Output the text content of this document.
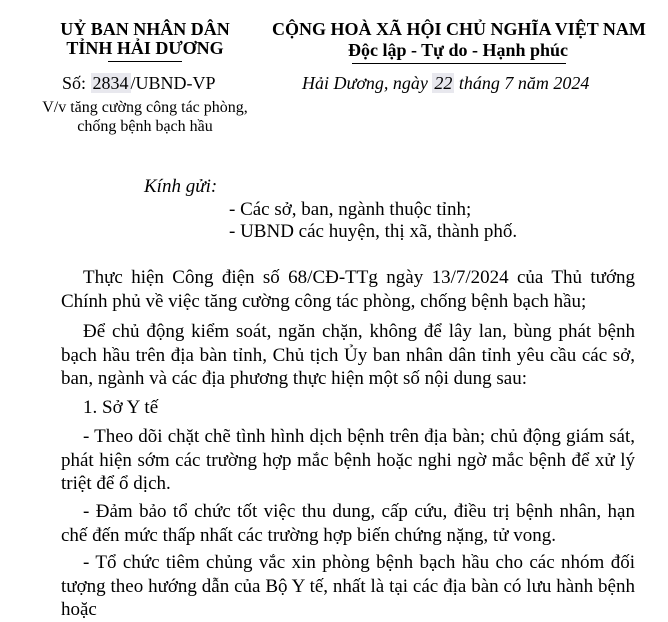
UỶ BAN NHÂN DÂN
TỈNH HẢI DƯƠNG
Số: 2834 /UBND-VP
V/v tăng cường công tác phòng,
chống bệnh bạch hầu
CỘNG HOÀ XÃ HỘI CHỦ NGHĨA VIỆT NAM
Độc lập - Tự do - Hạnh phúc
Hải Dương, ngày 22 tháng 7 năm 2024
Kính gửi:
- Các sở, ban, ngành thuộc tỉnh;
- UBND các huyện, thị xã, thành phố.
Thực hiện Công điện số 68/CĐ-TTg ngày 13/7/2024 của Thủ tướng Chính phủ về việc tăng cường công tác phòng, chống bệnh bạch hầu;
Để chủ động kiểm soát, ngăn chặn, không để lây lan, bùng phát bệnh bạch hầu trên địa bàn tỉnh, Chủ tịch Ủy ban nhân dân tỉnh yêu cầu các sở, ban, ngành và các địa phương thực hiện một số nội dung sau:
1. Sở Y tế
- Theo dõi chặt chẽ tình hình dịch bệnh trên địa bàn; chủ động giám sát, phát hiện sớm các trường hợp mắc bệnh hoặc nghi ngờ mắc bệnh để xử lý triệt để ổ dịch.
- Đảm bảo tổ chức tốt việc thu dung, cấp cứu, điều trị bệnh nhân, hạn chế đến mức thấp nhất các trường hợp biến chứng nặng, tử vong.
- Tổ chức tiêm chủng vắc xin phòng bệnh bạch hầu cho các nhóm đối tượng theo hướng dẫn của Bộ Y tế, nhất là tại các địa bàn có lưu hành bệnh hoặc
